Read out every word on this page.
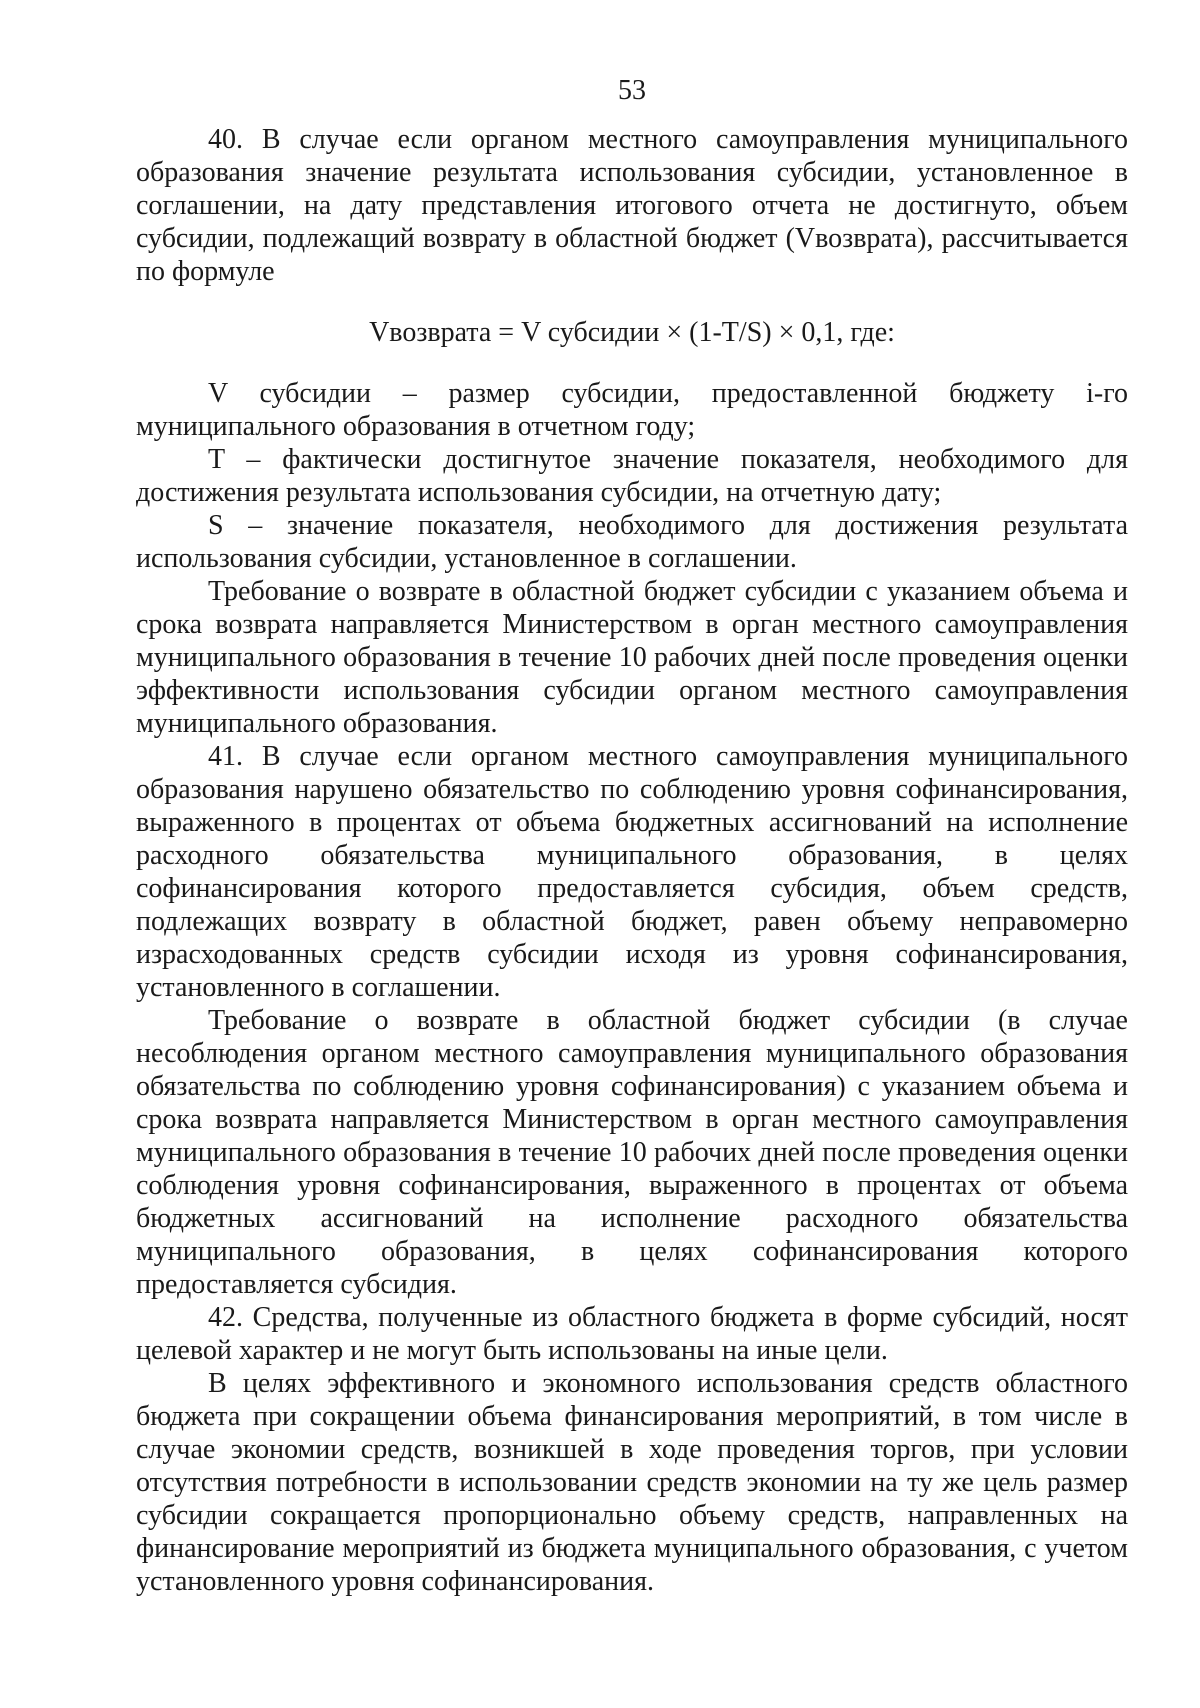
53

40. В случае если органом местного самоуправления муниципального образования значение результата использования субсидии, установленное в соглашении, на дату представления итогового отчета не достигнуто, объем субсидии, подлежащий возврату в областной бюджет (Vвозврата), рассчитывается по формуле

Vвозврата = V субсидии × (1-T/S) × 0,1, где:

V субсидии – размер субсидии, предоставленной бюджету i-го муниципального образования в отчетном году;

T – фактически достигнутое значение показателя, необходимого для достижения результата использования субсидии, на отчетную дату;

S – значение показателя, необходимого для достижения результата использования субсидии, установленное в соглашении.

Требование о возврате в областной бюджет субсидии с указанием объема и срока возврата направляется Министерством в орган местного самоуправления муниципального образования в течение 10 рабочих дней после проведения оценки эффективности использования субсидии органом местного самоуправления муниципального образования.

41. В случае если органом местного самоуправления муниципального образования нарушено обязательство по соблюдению уровня софинансирования, выраженного в процентах от объема бюджетных ассигнований на исполнение расходного обязательства муниципального образования, в целях софинансирования которого предоставляется субсидия, объем средств, подлежащих возврату в областной бюджет, равен объему неправомерно израсходованных средств субсидии исходя из уровня софинансирования, установленного в соглашении.

Требование о возврате в областной бюджет субсидии (в случае несоблюдения органом местного самоуправления муниципального образования обязательства по соблюдению уровня софинансирования) с указанием объема и срока возврата направляется Министерством в орган местного самоуправления муниципального образования в течение 10 рабочих дней после проведения оценки соблюдения уровня софинансирования, выраженного в процентах от объема бюджетных ассигнований на исполнение расходного обязательства муниципального образования, в целях софинансирования которого предоставляется субсидия.

42. Средства, полученные из областного бюджета в форме субсидий, носят целевой характер и не могут быть использованы на иные цели.

В целях эффективного и экономного использования средств областного бюджета при сокращении объема финансирования мероприятий, в том числе в случае экономии средств, возникшей в ходе проведения торгов, при условии отсутствия потребности в использовании средств экономии на ту же цель размер субсидии сокращается пропорционально объему средств, направленных на финансирование мероприятий из бюджета муниципального образования, с учетом установленного уровня софинансирования.
